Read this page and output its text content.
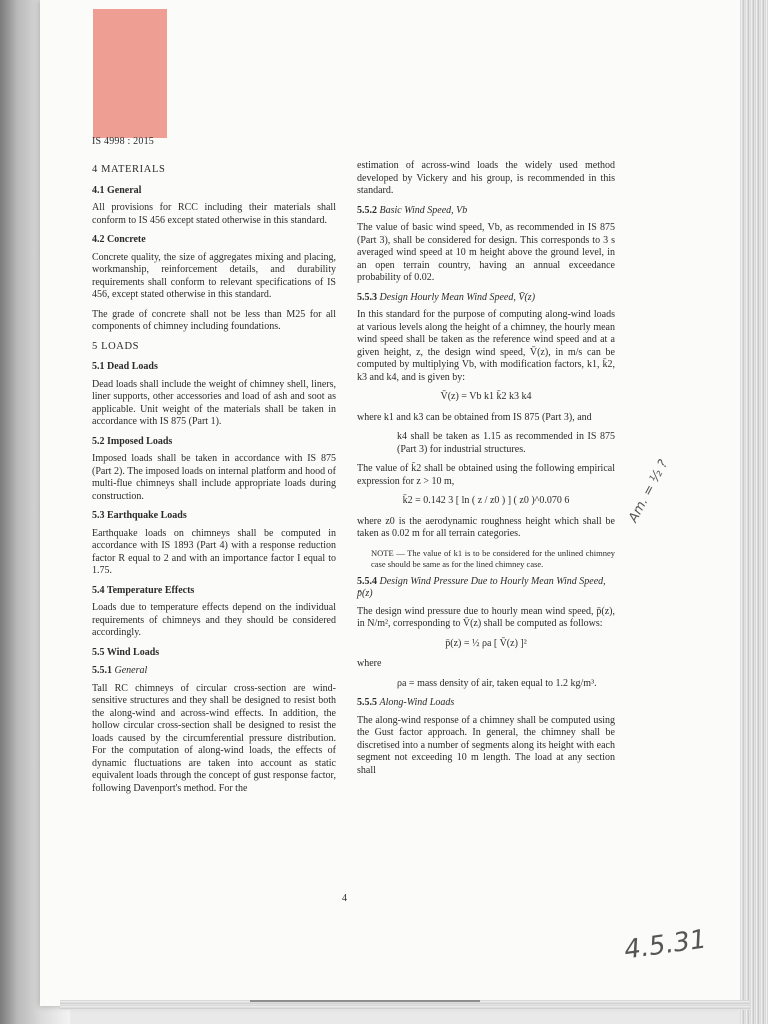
IS 4998 : 2015
4 MATERIALS
4.1 General

All provisions for RCC including their materials shall conform to IS 456 except stated otherwise in this standard.

4.2 Concrete

Concrete quality, the size of aggregates mixing and placing, workmanship, reinforcement details, and durability requirements shall conform to relevant specifications of IS 456, except stated otherwise in this standard.

The grade of concrete shall not be less than M25 for all components of chimney including foundations.

5 LOADS
5.1 Dead Loads

Dead loads shall include the weight of chimney shell, liners, liner supports, other accessories and load of ash and soot as applicable. Unit weight of the materials shall be taken in accordance with IS 875 (Part 1).

5.2 Imposed Loads

Imposed loads shall be taken in accordance with IS 875 (Part 2). The imposed loads on internal platform and hood of multi-flue chimneys shall include appropriate loads during construction.

5.3 Earthquake Loads

Earthquake loads on chimneys shall be computed in accordance with IS 1893 (Part 4) with a response reduction factor R equal to 2 and with an importance factor I equal to 1.75.

5.4 Temperature Effects

Loads due to temperature effects depend on the individual requirements of chimneys and they should be considered accordingly.

5.5 Wind Loads
5.5.1 General

Tall RC chimneys of circular cross-section are wind-sensitive structures and they shall be designed to resist both the along-wind and across-wind effects. In addition, the hollow circular cross-section shall be designed to resist the loads caused by the circumferential pressure distribution. For the computation of along-wind loads, the effects of dynamic fluctuations are taken into account as static equivalent loads through the concept of gust response factor, following Davenport's method. For the

estimation of across-wind loads the widely used method developed by Vickery and his group, is recommended in this standard.

5.5.2 Basic Wind Speed, Vb

The value of basic wind speed, Vb, as recommended in IS 875 (Part 3), shall be considered for design. This corresponds to 3 s averaged wind speed at 10 m height above the ground level, in an open terrain country, having an annual exceedance probability of 0.02.

5.5.3 Design Hourly Mean Wind Speed, V̄(z)

In this standard for the purpose of computing along-wind loads at various levels along the height of a chimney, the hourly mean wind speed shall be taken as the reference wind speed and at a given height, z, the design wind speed, V̄(z), in m/s can be computed by multiplying Vb, with modification factors, k1, k̄2, k3 and k4, and is given by:

V̄(z) = Vb k1 k̄2 k3 k4

where k1 and k3 can be obtained from IS 875 (Part 3), and

k4 shall be taken as 1.15 as recommended in IS 875 (Part 3) for industrial structures.

The value of k̄2 shall be obtained using the following empirical expression for z > 10 m,

k̄2 = 0.142 3 [ ln ( z / z0 ) ] ( z0 )^0.070 6

where z0 is the aerodynamic roughness height which shall be taken as 0.02 m for all terrain categories.

NOTE — The value of k1 is to be considered for the unlined chimney case should be same as for the lined chimney case.

5.5.4 Design Wind Pressure Due to Hourly Mean Wind Speed, p̄(z)

The design wind pressure due to hourly mean wind speed, p̄(z), in N/m², corresponding to V̄(z) shall be computed as follows:

p̄(z) = ½ ρa [ V̄(z) ]²

where

ρa = mass density of air, taken equal to 1.2 kg/m³.

5.5.5 Along-Wind Loads

The along-wind response of a chimney shall be computed using the Gust factor approach. In general, the chimney shall be discretised into a number of segments along its height with each segment not exceeding 10 m length. The load at any section shall

4
Am. = ½ ?
4.5.31
